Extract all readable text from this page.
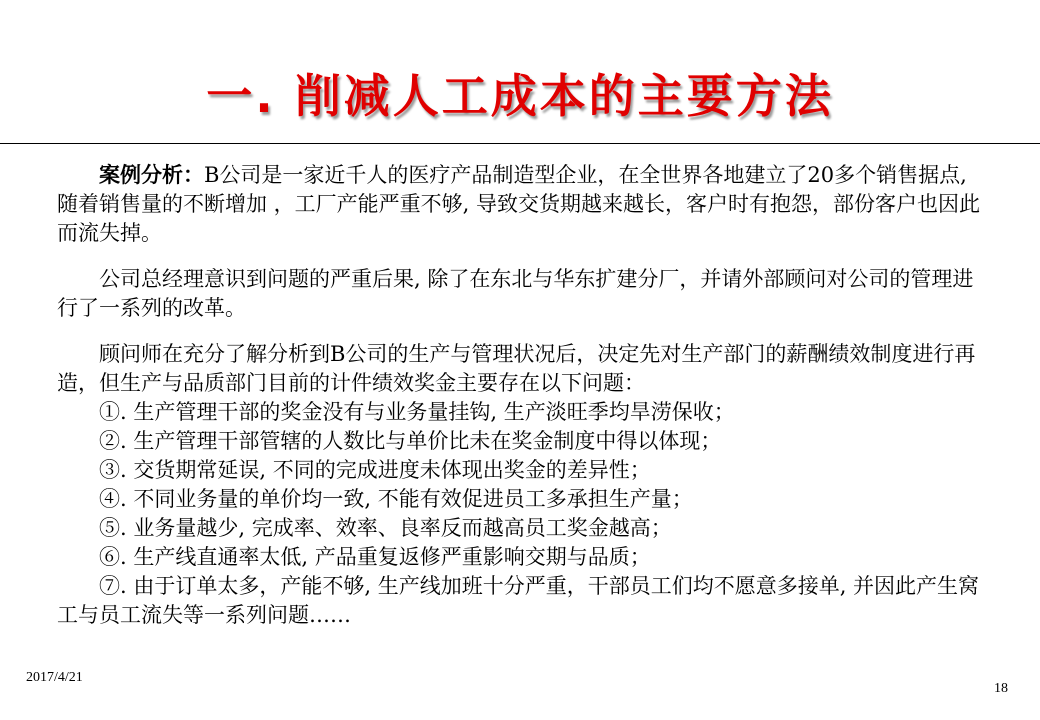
一. 削减人工成本的主要方法

案例分析：B公司是一家近千人的医疗产品制造型企业，在全世界各地建立了20多个销售据点, 随着销售量的不断增加 ，工厂产能严重不够, 导致交货期越来越长，客户时有抱怨，部份客户也因此而流失掉。

公司总经理意识到问题的严重后果, 除了在东北与华东扩建分厂，并请外部顾问对公司的管理进行了一系列的改革。

顾问师在充分了解分析到B公司的生产与管理状况后，决定先对生产部门的薪酬绩效制度进行再造，但生产与品质部门目前的计件绩效奖金主要存在以下问题：

①. 生产管理干部的奖金没有与业务量挂钩, 生产淡旺季均旱涝保收；
②. 生产管理干部管辖的人数比与单价比未在奖金制度中得以体现；
③. 交货期常延误, 不同的完成进度未体现出奖金的差异性；
④. 不同业务量的单价均一致, 不能有效促进员工多承担生产量；
⑤. 业务量越少, 完成率、效率、良率反而越高员工奖金越高；
⑥. 生产线直通率太低, 产品重复返修严重影响交期与品质；
⑦. 由于订单太多，产能不够, 生产线加班十分严重，干部员工们均不愿意多接单, 并因此产生窝工与员工流失等一系列问题……
2017/4/21
18
